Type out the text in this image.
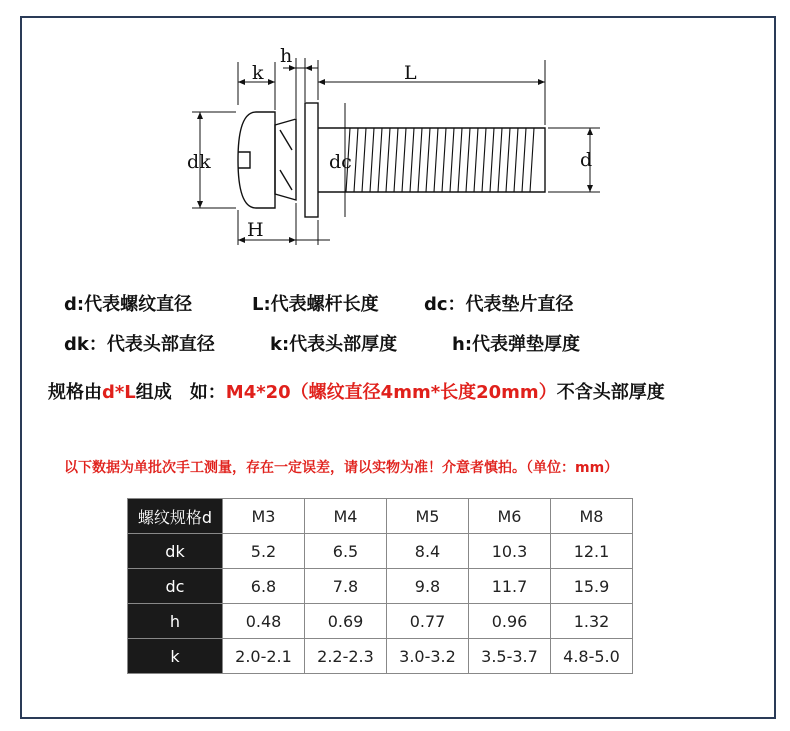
k
h
L
dk	dc	d
H
d:代表螺纹直径	L:代表螺杆长度	dc：代表垫片直径
dk：代表头部直径	k:代表头部厚度	h:代表弹垫厚度
规格由d*L组成　如：M4*20（螺纹直径4mm*长度20mm）不含头部厚度
以下数据为单批次手工测量，存在一定误差，请以实物为准！介意者慎拍。（单位：mm）
螺纹规格d	M3	M4	M5	M6	M8
dk	5.2	6.5	8.4	10.3	12.1
dc	6.8	7.8	9.8	11.7	15.9
h	0.48	0.69	0.77	0.96	1.32
k	2.0-2.1	2.2-2.3	3.0-3.2	3.5-3.7	4.8-5.0
